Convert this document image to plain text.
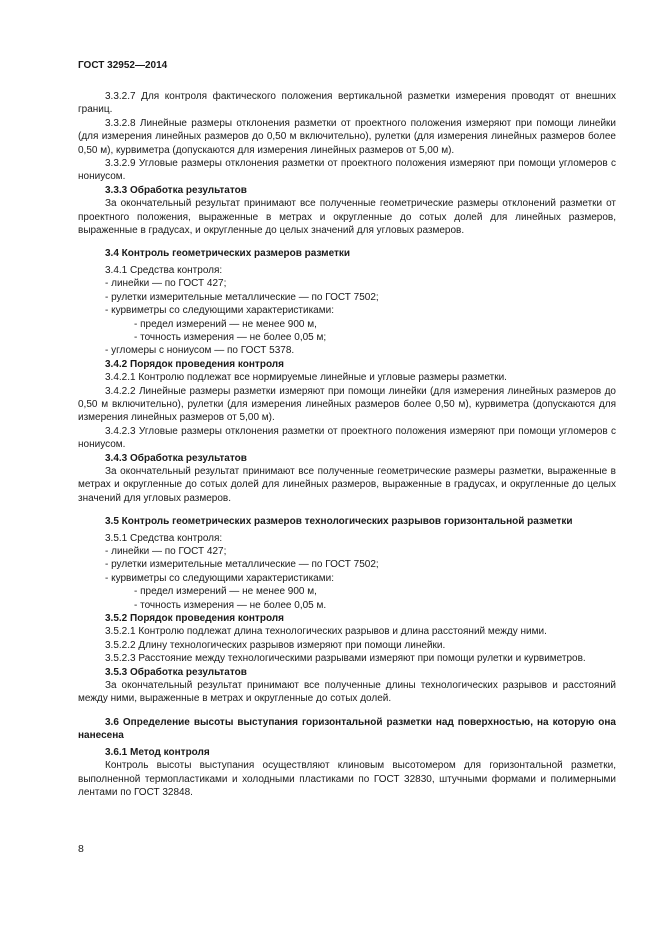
ГОСТ 32952—2014

3.3.2.7 Для контроля фактического положения вертикальной разметки измерения проводят от внешних границ.

3.3.2.8 Линейные размеры отклонения разметки от проектного положения измеряют при помощи линейки (для измерения линейных размеров до 0,50 м включительно), рулетки (для измерения линейных размеров более 0,50 м), курвиметра (допускаются для измерения линейных размеров от 5,00 м).

3.3.2.9 Угловые размеры отклонения разметки от проектного положения измеряют при помощи угломеров с нониусом.

3.3.3 Обработка результатов

За окончательный результат принимают все полученные геометрические размеры отклонений разметки от проектного положения, выраженные в метрах и округленные до сотых долей для линейных размеров, выраженные в градусах, и округленные до целых значений для угловых размеров.

3.4 Контроль геометрических размеров разметки

3.4.1 Средства контроля:

- линейки — по ГОСТ 427;

- рулетки измерительные металлические — по ГОСТ 7502;

- курвиметры со следующими характеристиками:

- предел измерений — не менее 900 м,

- точность измерения — не более 0,05 м;

- угломеры с нониусом — по ГОСТ 5378.

3.4.2 Порядок проведения контроля

3.4.2.1 Контролю подлежат все нормируемые линейные и угловые размеры разметки.

3.4.2.2 Линейные размеры разметки измеряют при помощи линейки (для измерения линейных размеров до 0,50 м включительно), рулетки (для измерения линейных размеров более 0,50 м), курвиметра (допускаются для измерения линейных размеров от 5,00 м).

3.4.2.3 Угловые размеры отклонения разметки от проектного положения измеряют при помощи угломеров с нониусом.

3.4.3 Обработка результатов

За окончательный результат принимают все полученные геометрические размеры разметки, выраженные в метрах и округленные до сотых долей для линейных размеров, выраженные в градусах, и округленные до целых значений для угловых размеров.

3.5 Контроль геометрических размеров технологических разрывов горизонтальной разметки

3.5.1 Средства контроля:

- линейки — по ГОСТ 427;

- рулетки измерительные металлические — по ГОСТ 7502;

- курвиметры со следующими характеристиками:

- предел измерений — не менее 900 м,

- точность измерения — не более 0,05 м.

3.5.2 Порядок проведения контроля

3.5.2.1 Контролю подлежат длина технологических разрывов и длина расстояний между ними.

3.5.2.2 Длину технологических разрывов измеряют при помощи линейки.

3.5.2.3 Расстояние между технологическими разрывами измеряют при помощи рулетки и курвиметров.

3.5.3 Обработка результатов

За окончательный результат принимают все полученные длины технологических разрывов и расстояний между ними, выраженные в метрах и округленные до сотых долей.

3.6 Определение высоты выступания горизонтальной разметки над поверхностью, на которую она нанесена

3.6.1 Метод контроля

Контроль высоты выступания осуществляют клиновым высотомером для горизонтальной разметки, выполненной термопластиками и холодными пластиками по ГОСТ 32830, штучными формами и полимерными лентами по ГОСТ 32848.

8
